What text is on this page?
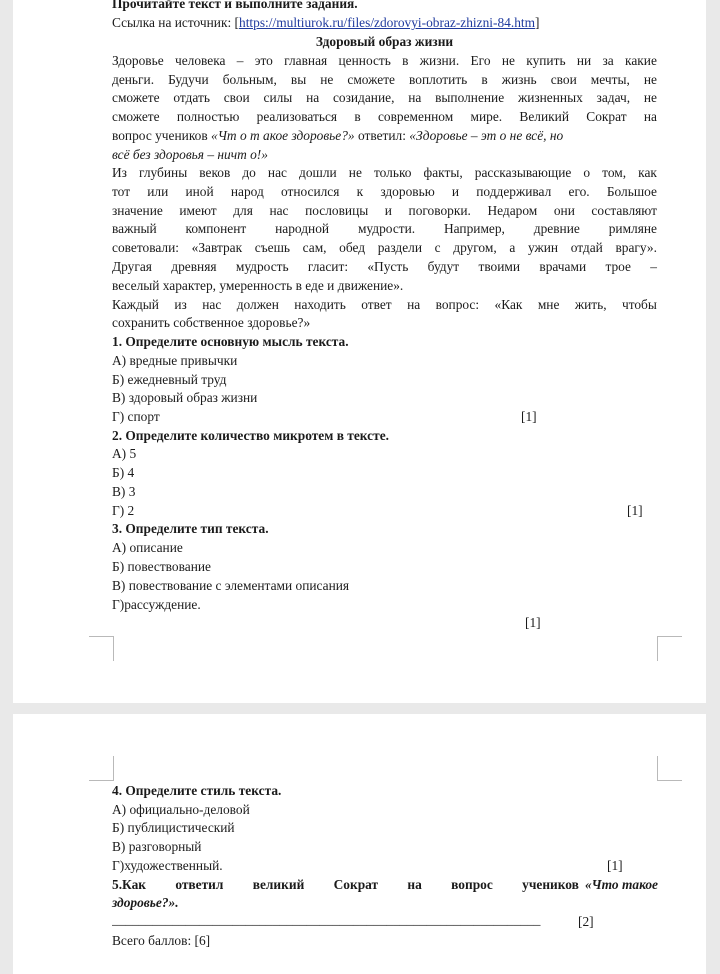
Прочитайте текст и выполните задания.
Ссылка на источник: [https://multiurok.ru/files/zdorovyi-obraz-zhizni-84.htm]
Здоровый образ жизни
Здоровье человека – это главная ценность в жизни. Его не купить ни за какие
деньги. Будучи больным, вы не сможете воплотить в жизнь свои мечты, не
сможете отдать свои силы на созидание, на выполнение жизненных задач, не
сможете полностью реализоваться в современном мире. Великий Сократ на
вопрос учеников «Чт о т акое здоровье?» ответил: «Здоровье – эт о не всё, но
всё без здоровья – ничт о!»
Из глубины веков до нас дошли не только факты, рассказывающие о том, как
тот или иной народ относился к здоровью и поддерживал его. Большое
значение имеют для нас пословицы и поговорки. Недаром они составляют
важный компонент народной мудрости. Например, древние римляне
советовали: «Завтрак съешь сам, обед раздели с другом, а ужин отдай врагу».
Другая древняя мудрость гласит: «Пусть будут твоими врачами трое –
веселый характер, умеренность в еде и движение».
Каждый из нас должен находить ответ на вопрос: «Как мне жить, чтобы
сохранить собственное здоровье?»
1. Определите основную мысль текста.
А) вредные привычки
Б) ежедневный труд
В) здоровый образ жизни
Г) спорт	[1]
2. Определите количество микротем в тексте.
А) 5
Б) 4
В) 3
Г) 2	[1]
3. Определите тип текста.
А) описание
Б) повествование
В) повествование с элементами описания
Г)рассуждение.
[1]
4. Определите стиль текста.
А) официально-деловой
Б) публицистический
В) разговорный
Г)художественный.	[1]
5.Как ответил великий Сократ на вопрос учеников «Что такое
здоровье?».
________________________________________________________________	[2]
Всего баллов: [6]
